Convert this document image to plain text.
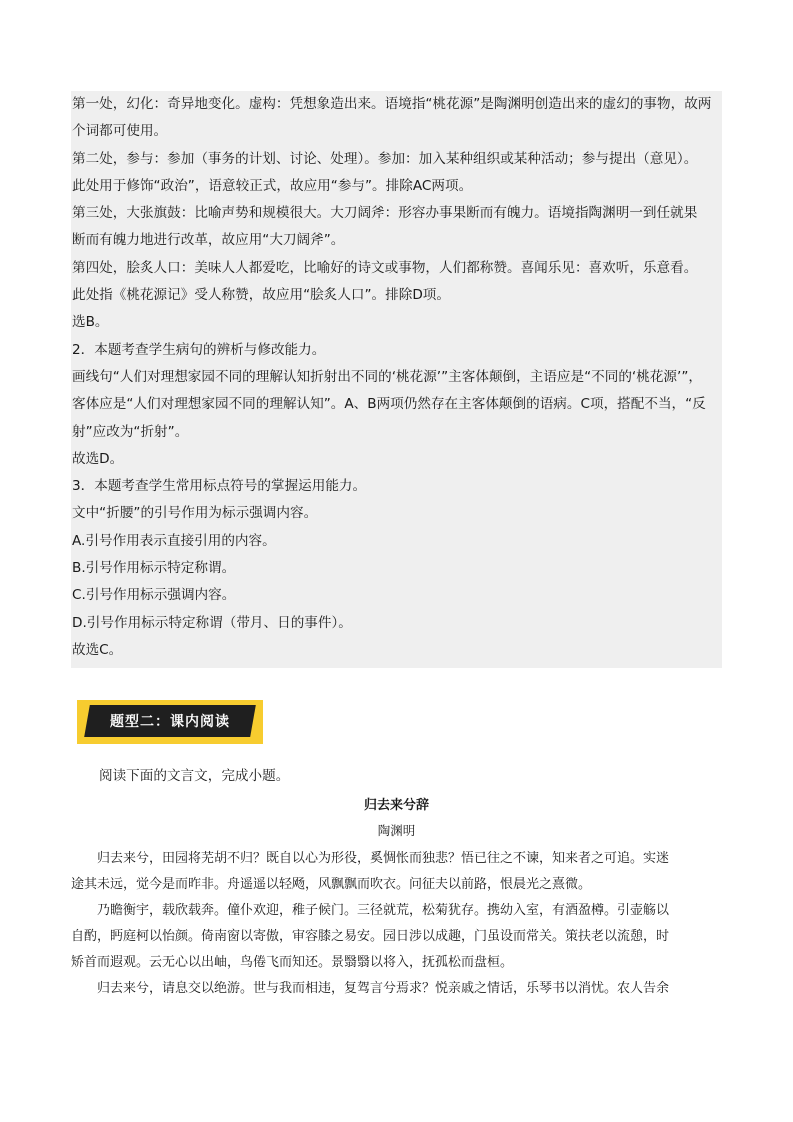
第一处，幻化：奇异地变化。虚构：凭想象造出来。语境指“桃花源”是陶渊明创造出来的虚幻的事物，故两

个词都可使用。

第二处，参与：参加（事务的计划、讨论、处理）。参加：加入某种组织或某种活动；参与提出（意见）。

此处用于修饰“政治”，语意较正式，故应用“参与”。排除AC两项。

第三处，大张旗鼓：比喻声势和规模很大。大刀阔斧：形容办事果断而有魄力。语境指陶渊明一到任就果

断而有魄力地进行改革，故应用“大刀阔斧”。

第四处，脍炙人口：美味人人都爱吃，比喻好的诗文或事物，人们都称赞。喜闻乐见：喜欢听，乐意看。

此处指《桃花源记》受人称赞，故应用“脍炙人口”。排除D项。

选B。

2．本题考查学生病句的辨析与修改能力。

画线句“人们对理想家园不同的理解认知折射出不同的‘桃花源’”主客体颠倒，主语应是“不同的‘桃花源’”，

客体应是“人们对理想家园不同的理解认知”。A、B两项仍然存在主客体颠倒的语病。C项，搭配不当，“反

射”应改为“折射”。

故选D。

3．本题考查学生常用标点符号的掌握运用能力。

文中“折腰”的引号作用为标示强调内容。

A.引号作用表示直接引用的内容。

B.引号作用标示特定称谓。

C.引号作用标示强调内容。

D.引号作用标示特定称谓（带月、日的事件）。

故选C。

题型二：课内阅读

阅读下面的文言文，完成小题。

归去来兮辞

陶渊明

　　归去来兮，田园将芜胡不归？既自以心为形役，奚惆怅而独悲？悟已往之不谏，知来者之可追。实迷

途其未远，觉今是而昨非。舟遥遥以轻飏，风飘飘而吹衣。问征夫以前路，恨晨光之熹微。

　　乃瞻衡宇，载欣载奔。僮仆欢迎，稚子候门。三径就荒，松菊犹存。携幼入室，有酒盈樽。引壶觞以

自酌，眄庭柯以怡颜。倚南窗以寄傲，审容膝之易安。园日涉以成趣，门虽设而常关。策扶老以流憩，时

矫首而遐观。云无心以出岫，鸟倦飞而知还。景翳翳以将入，抚孤松而盘桓。

　　归去来兮，请息交以绝游。世与我而相违，复驾言兮焉求？悦亲戚之情话，乐琴书以消忧。农人告余
